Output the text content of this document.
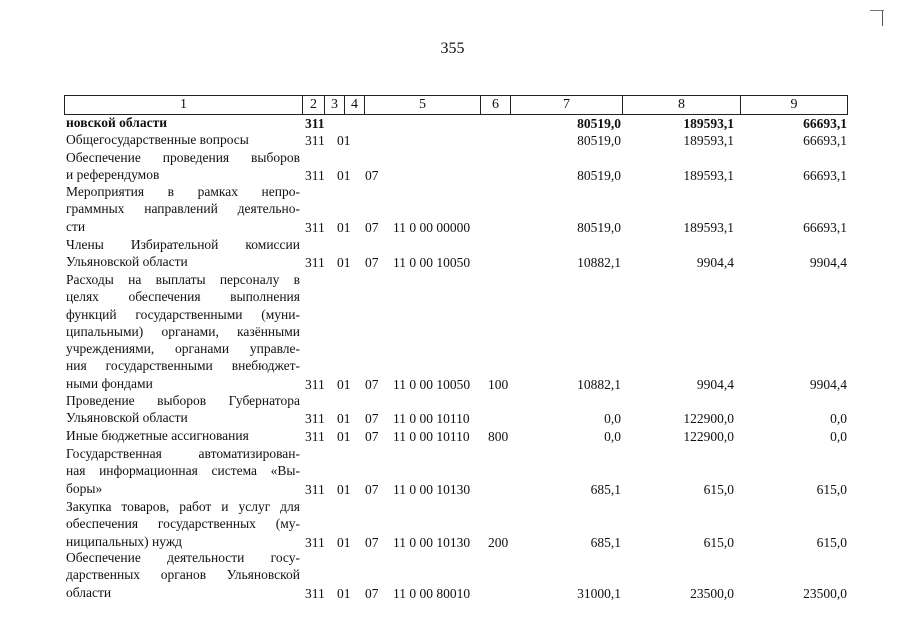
355
1	2	3 4	5	6	7	8	9
новской области	311	80519,0	189593,1	66693,1
Общегосударственные вопросы	311 01	80519,0	189593,1	66693,1
Обеспечение проведения выборов
и референдумов	311 01 07	80519,0	189593,1	66693,1
Мероприятия в рамках непро-
граммных направлений деятельно-
сти	311 01 07 11 0 00 00000	80519,0	189593,1	66693,1
Члены Избирательной комиссии
Ульяновской области	311 01 07 11 0 00 10050	10882,1	9904,4	9904,4
Расходы на выплаты персоналу в
целях обеспечения выполнения
функций государственными (муни-
ципальными) органами, казёнными
учреждениями, органами управле-
ния государственными внебюджет-
ными фондами	311 01 07 11 0 00 10050 100	10882,1	9904,4	9904,4
Проведение выборов Губернатора
Ульяновской области	311 01 07 11 0 00 10110	0,0	122900,0	0,0
Иные бюджетные ассигнования	311 01 07 11 0 00 10110 800	0,0	122900,0	0,0
Государственная автоматизирован-
ная информационная система «Вы-
боры»	311 01 07 11 0 00 10130	685,1	615,0	615,0
Закупка товаров, работ и услуг для
обеспечения государственных (му-
ниципальных) нужд	311 01 07 11 0 00 10130 200	685,1	615,0	615,0
Обеспечение деятельности госу-
дарственных органов Ульяновской
области	311 01 07 11 0 00 80010	31000,1	23500,0	23500,0
